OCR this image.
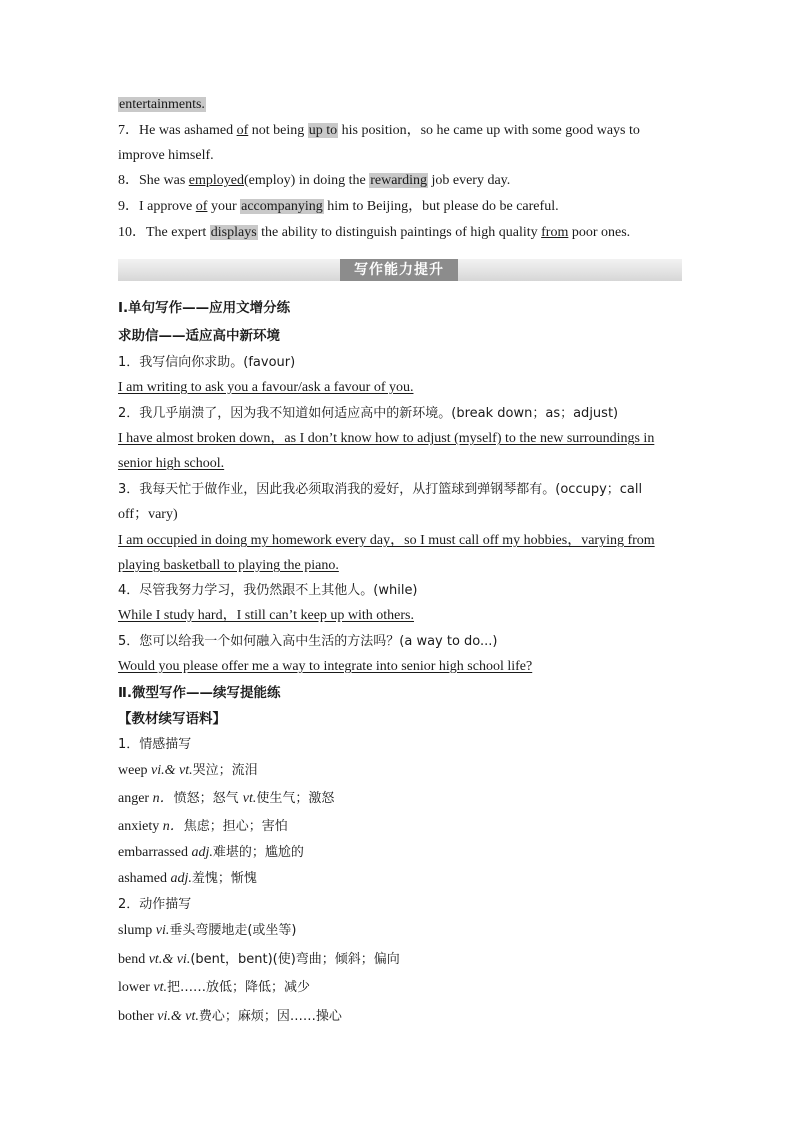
entertainments.
7．He was ashamed of not being up to his position，so he came up with some good ways to
improve himself.
8．She was employed(employ) in doing the rewarding job every day.
9．I approve of your accompanying him to Beijing，but please do be careful.
10．The expert displays the ability to distinguish paintings of high quality from poor ones.
写作能力提升
Ⅰ.单句写作——应用文增分练
求助信——适应高中新环境
1．我写信向你求助。(favour)
I am writing to ask you a favour/ask a favour of you.
2．我几乎崩溃了，因为我不知道如何适应高中的新环境。(break down；as；adjust)
I have almost broken down，as I don’t know how to adjust (myself) to the new surroundings in
senior high school.
3．我每天忙于做作业，因此我必须取消我的爱好，从打篮球到弹钢琴都有。(occupy；call
off；vary)
I am occupied in doing my homework every day，so I must call off my hobbies，varying from
playing basketball to playing the piano.
4．尽管我努力学习，我仍然跟不上其他人。(while)
While I study hard，I still can’t keep up with others.
5．您可以给我一个如何融入高中生活的方法吗？(a way to do...)
Would you please offer me a way to integrate into senior high school life?
Ⅱ.微型写作——续写提能练
【教材续写语料】
1．情感描写
weep vi.& vt.哭泣；流泪
anger n．愤怒；怒气 vt.使生气；激怒
anxiety n．焦虑；担心；害怕
embarrassed adj.难堪的；尴尬的
ashamed adj.羞愧；惭愧
2．动作描写
slump vi.垂头弯腰地走(或坐等)
bend vt.& vi.(bent，bent)(使)弯曲；倾斜；偏向
lower vt.把……放低；降低；减少
bother vi.& vt.费心；麻烦；因……操心
